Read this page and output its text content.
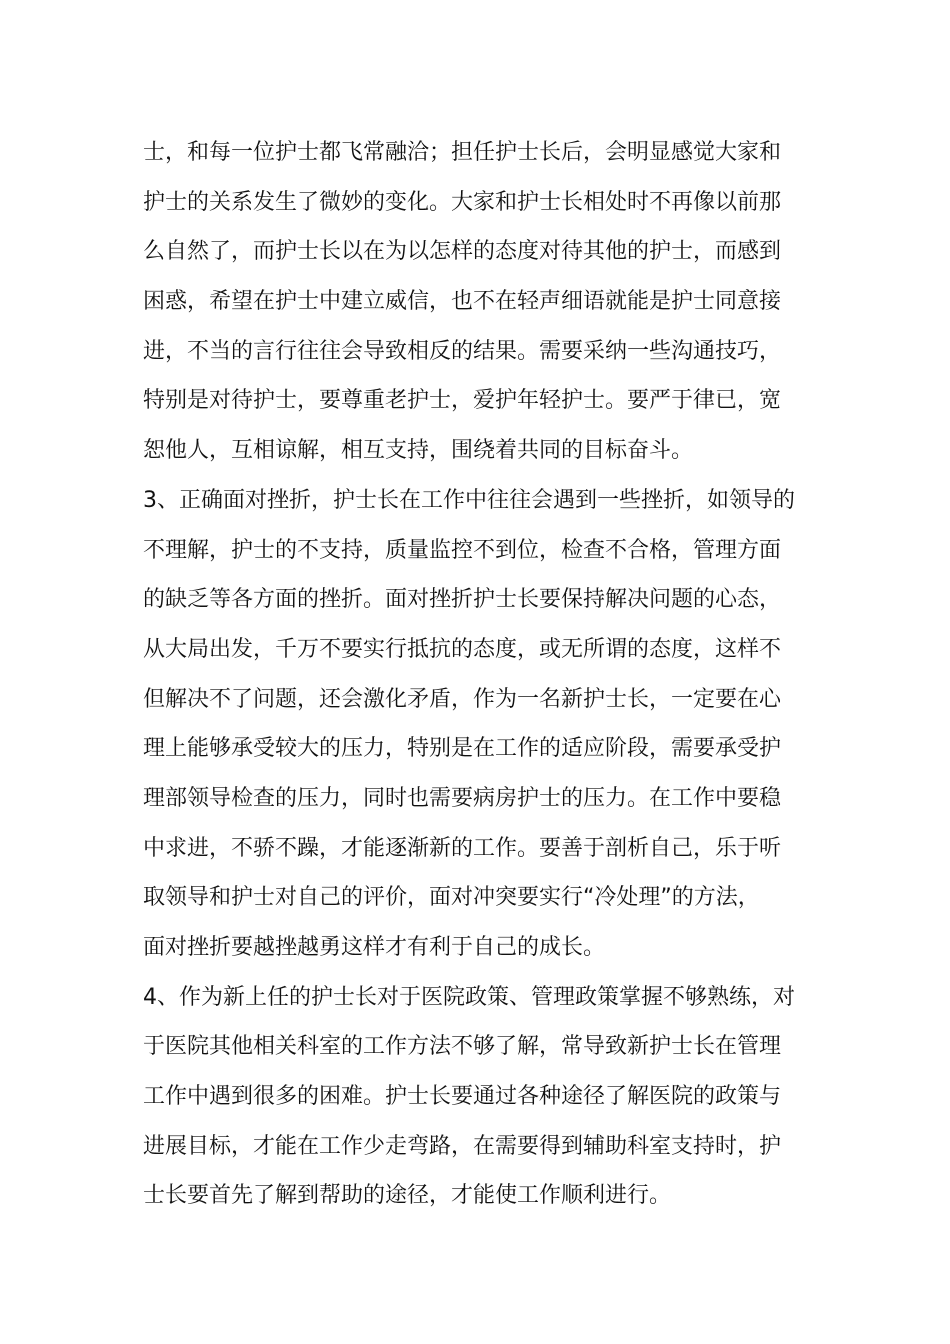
士，和每一位护士都飞常融洽；担任护士长后，会明显感觉大家和
护士的关系发生了微妙的变化。大家和护士长相处时不再像以前那
么自然了，而护士长以在为以怎样的态度对待其他的护士，而感到
困惑，希望在护士中建立威信，也不在轻声细语就能是护士同意接
进，不当的言行往往会导致相反的结果。需要采纳一些沟通技巧，
特别是对待护士，要尊重老护士，爱护年轻护士。要严于律已，宽
恕他人，互相谅解，相互支持，围绕着共同的目标奋斗。
3、正确面对挫折，护士长在工作中往往会遇到一些挫折，如领导的
不理解，护士的不支持，质量监控不到位，检查不合格，管理方面
的缺乏等各方面的挫折。面对挫折护士长要保持解决问题的心态，
从大局出发，千万不要实行抵抗的态度，或无所谓的态度，这样不
但解决不了问题，还会激化矛盾，作为一名新护士长，一定要在心
理上能够承受较大的压力，特别是在工作的适应阶段，需要承受护
理部领导检查的压力，同时也需要病房护士的压力。在工作中要稳
中求进，不骄不躁，才能逐渐新的工作。要善于剖析自己，乐于听
取领导和护士对自己的评价，面对冲突要实行“冷处理”的方法，
面对挫折要越挫越勇这样才有利于自己的成长。
4、作为新上任的护士长对于医院政策、管理政策掌握不够熟练，对
于医院其他相关科室的工作方法不够了解，常导致新护士长在管理
工作中遇到很多的困难。护士长要通过各种途径了解医院的政策与
进展目标，才能在工作少走弯路，在需要得到辅助科室支持时，护
士长要首先了解到帮助的途径，才能使工作顺利进行。
